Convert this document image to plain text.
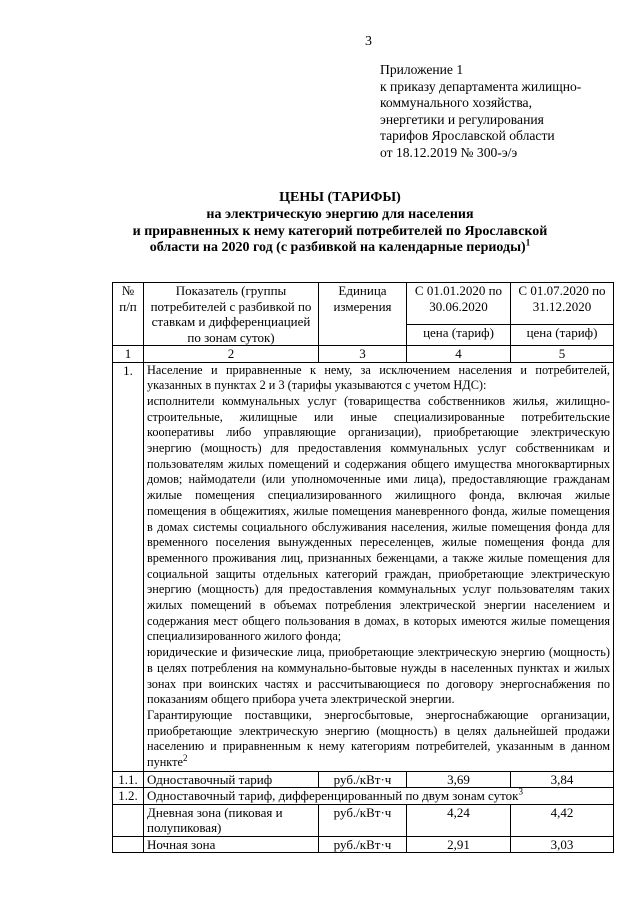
3
Приложение 1
к приказу департамента жилищно-
коммунального хозяйства,
энергетики и регулирования
тарифов Ярославской области
от 18.12.2019 № 300-э/э
ЦЕНЫ (ТАРИФЫ)
на электрическую энергию для населения
и приравненных к нему категорий потребителей по Ярославской
области на 2020 год (с разбивкой на календарные периоды)$^1$
№ п/п	Показатель (группы потребителей с разбивкой по ставкам и дифференциацией по зонам суток)	Единица измерения	С 01.01.2020 по 30.06.2020	С 01.07.2020 по 31.12.2020
			цена (тариф)	цена (тариф)
1	2	3	4	5
1.	Население и приравненные к нему, за исключением населения и потребителей, указанных в пунктах 2 и 3 (тарифы указываются с учетом НДС):

исполнители коммунальных услуг (товарищества собственников жилья, жилищно-строительные, жилищные или иные специализированные потребительские кооперативы либо управляющие организации), приобретающие электрическую энергию (мощность) для предоставления коммунальных услуг собственникам и пользователям жилых помещений и содержания общего имущества многоквартирных домов; наймодатели (или уполномоченные ими лица), предоставляющие гражданам жилые помещения специализированного жилищного фонда, включая жилые помещения в общежитиях, жилые помещения маневренного фонда, жилые помещения в домах системы социального обслуживания населения, жилые помещения фонда для временного поселения вынужденных переселенцев, жилые помещения фонда для временного проживания лиц, признанных беженцами, а также жилые помещения для социальной защиты отдельных категорий граждан, приобретающие электрическую энергию (мощность) для предоставления коммунальных услуг пользователям таких жилых помещений в объемах потребления электрической энергии населением и содержания мест общего пользования в домах, в которых имеются жилые помещения специализированного жилого фонда;

юридические и физические лица, приобретающие электрическую энергию (мощность) в целях потребления на коммунально-бытовые нужды в населенных пунктах и жилых зонах при воинских частях и рассчитывающиеся по договору энергоснабжения по показаниям общего прибора учета электрической энергии.

Гарантирующие поставщики, энергосбытовые, энергоснабжающие организации, приобретающие электрическую энергию (мощность) в целях дальнейшей продажи населению и приравненным к нему категориям потребителей, указанным в данном пункте$^2$

1.1.	Одноставочный тариф	руб./кВт·ч	3,69	3,84
1.2.	Одноставочный тариф, дифференцированный по двум зонам суток$^3$
	Дневная зона (пиковая и полупиковая)	руб./кВт·ч	4,24	4,42
	Ночная зона	руб./кВт·ч	2,91	3,03
